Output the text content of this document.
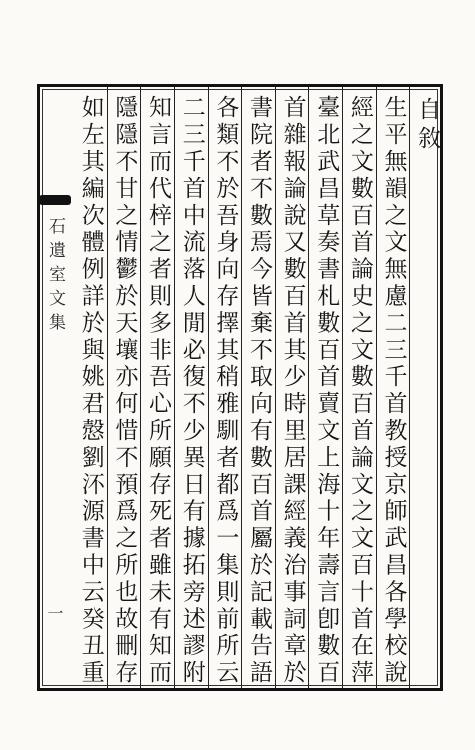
石遺室文集
一
自敘
生平無韻之文無慮二三千首教授京師武昌各學校說
經之文數百首論史之文數百首論文之文百十首在萍
臺北武昌草奏書札數百首賣文上海十年壽言卽數百
首雜報論說又數百首其少時里居課經義治事詞章於
書院者不數焉今皆棄不取向有數百首屬於記載告語
各類不於吾身向存擇其稍雅馴者都爲一集則前所云
二三千首中流落人閒必復不少異日有據拓旁述謬附
知言而代梓之者則多非吾心所願存死者雖未有知而
隱隱不甘之情鬱於天壤亦何惜不預爲之所也故刪存
如左其編次體例詳於與姚君慤劉㳅源書中云癸丑重
